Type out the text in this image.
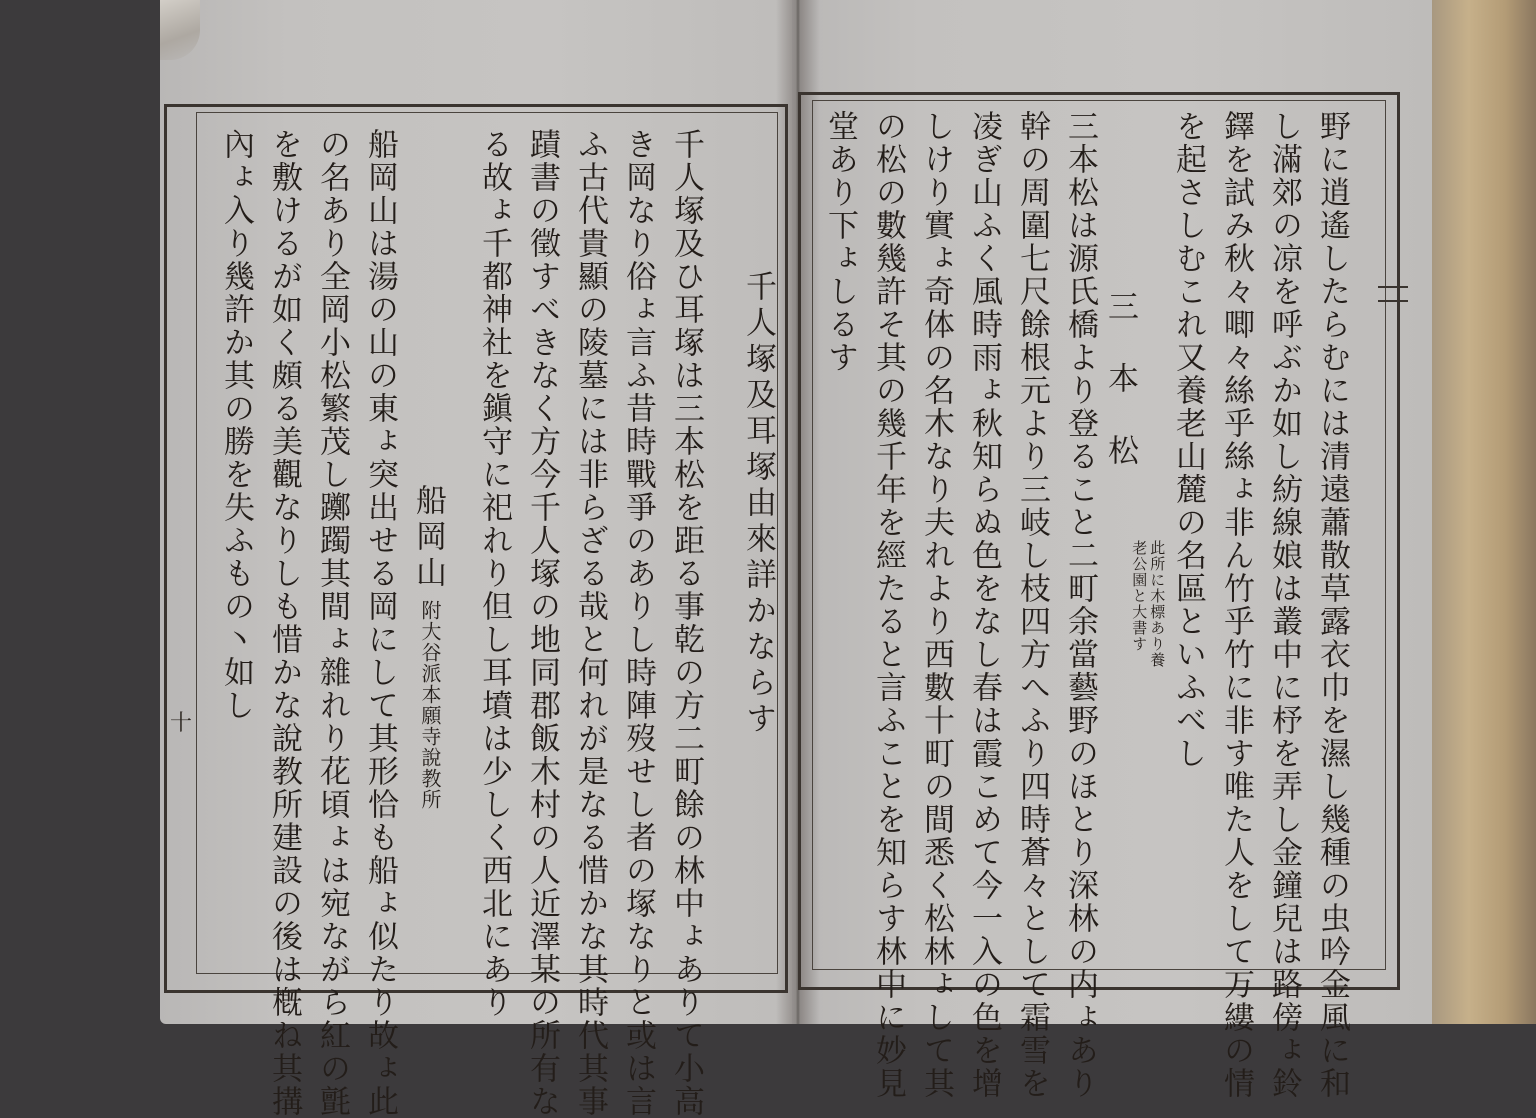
野に逍遙したらむには清遠蕭散草露衣巾を濕し幾種の虫吟金風に和
し滿郊の凉を呼ぶか如し紡線娘は叢中に杼を弄し金鐘兒は路傍ょ鈴
鐸を試み秋々唧々絲乎絲ょ非ん竹乎竹に非す唯た人をして万縷の情
を起さしむこれ又養老山麓の名區といふべし
三　本　松
三本松は源氏橋より登ること二町余當藝野のほとり深林の内ょあり
幹の周圍七尺餘根元より三岐し枝四方へふり四時蒼々として霜雪を
凌ぎ山ふく風時雨ょ秋知らぬ色をなし春は霞こめて今一入の色を增
しけり實ょ奇体の名木なり夫れより西數十町の間悉く松林ょして其
の松の數幾許そ其の幾千年を經たると言ふことを知らす林中に妙見
堂あり下ょしるす
此所に木標あり養
老公園と大書す
千人塚及耳塚由來詳かならす
千人塚及ひ耳塚は三本松を距る事乾の方二町餘の林中ょありて小高
き岡なり俗ょ言ふ昔時戰爭のありし時陣歿せし者の塚なりと或は言
ふ古代貴顯の陵墓には非らざる哉と何れが是なる惜かな其時代其事
蹟書の徵すべきなく方今千人塚の地同郡飯木村の人近澤某の所有な
る故ょ千都神社を鎭守に祀れり但し耳墳は少しく西北にあり
船岡山
附大谷派本願寺說教所
船岡山は湯の山の東ょ突出せる岡にして其形恰も船ょ似たり故ょ此
の名あり全岡小松繁茂し躑躅其間ょ雜れり花頃ょは宛ながら紅の氈
を敷けるが如く頗る美觀なりしも惜かな說教所建設の後は槪ね其搆
內ょ入り幾許か其の勝を失ふもの丶如し
十
